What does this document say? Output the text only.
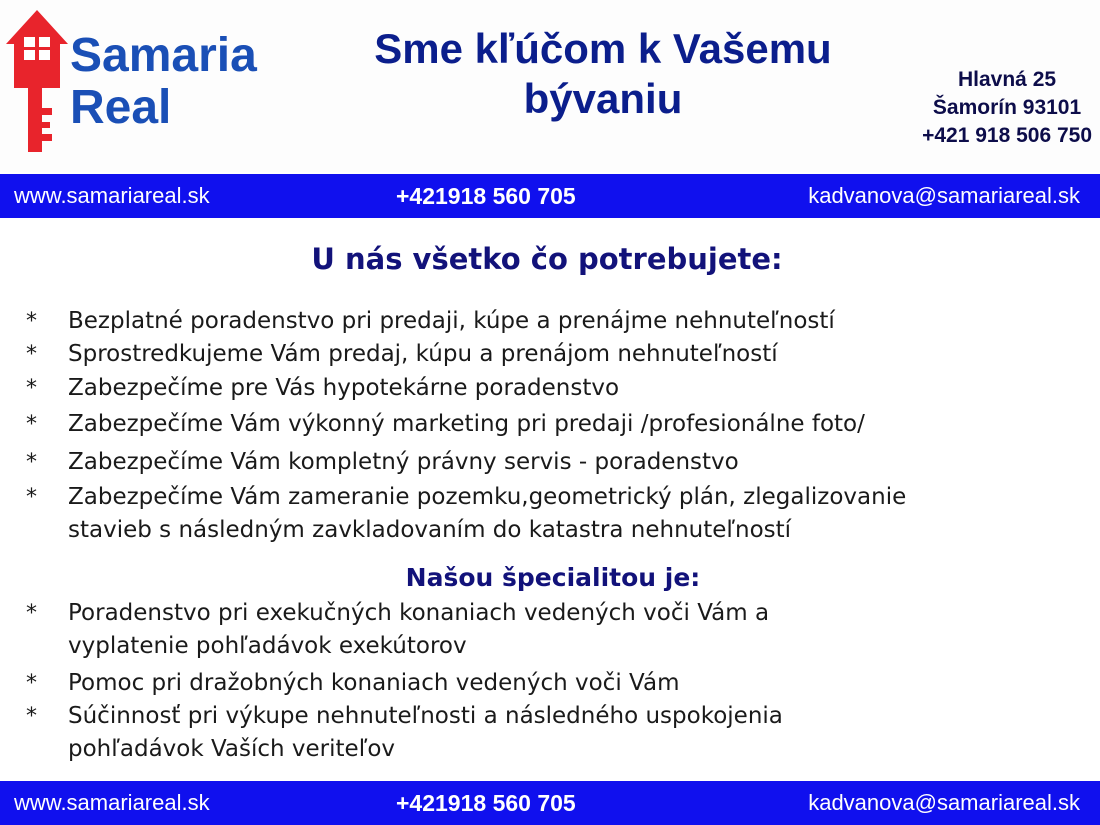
Samaria
Real
Sme kľúčom k Vašemu
bývaniu	Hlavná 25
Šamorín 93101
+421 918 506 750
www.samariareal.sk	+421918 560 705	kadvanova@samariareal.sk
U nás všetko čo potrebujete:
* Bezplatné poradenstvo pri predaji, kúpe a prenájme nehnuteľností
* Sprostredkujeme Vám predaj, kúpu a prenájom nehnuteľností
* Zabezpečíme pre Vás hypotekárne poradenstvo
* Zabezpečíme Vám výkonný marketing pri predaji /profesionálne foto/
* Zabezpečíme Vám kompletný právny servis - poradenstvo
* Zabezpečíme Vám zameranie pozemku,geometrický plán, zlegalizovanie
stavieb s následným zavkladovaním do katastra nehnuteľností
Našou špecialitou je:
* Poradenstvo pri exekučných konaniach vedených voči Vám a
vyplatenie pohľadávok exekútorov
* Pomoc pri dražobných konaniach vedených voči Vám
* Súčinnosť pri výkupe nehnuteľnosti a následného uspokojenia
pohľadávok Vaších veriteľov
www.samariareal.sk	+421918 560 705	kadvanova@samariareal.sk
